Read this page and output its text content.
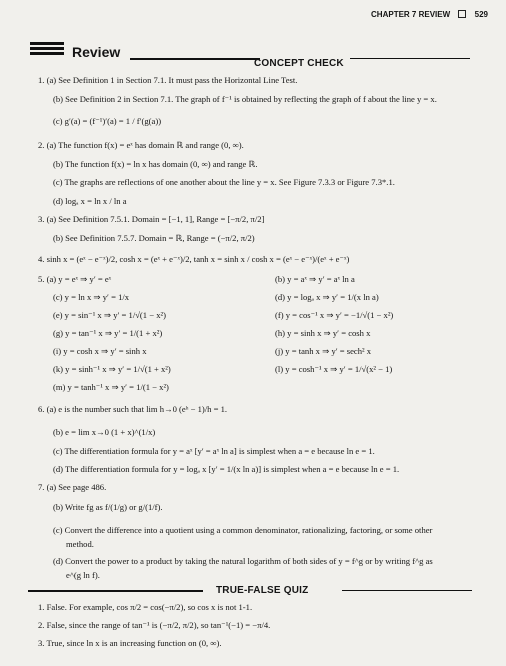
CHAPTER 7 REVIEW	529
Review
CONCEPT CHECK
1. (a) See Definition 1 in Section 7.1. It must pass the Horizontal Line Test.
(b) See Definition 2 in Section 7.1. The graph of f⁻¹ is obtained by reflecting the graph of f about the line y = x.
(c) g′(a) = (f⁻¹)′(a) = 1 / f′(g(a))
2. (a) The function f(x) = eˣ has domain ℝ and range (0, ∞).
(b) The function f(x) = ln x has domain (0, ∞) and range ℝ.
(c) The graphs are reflections of one another about the line y = x. See Figure 7.3.3 or Figure 7.3*.1.
(d) logₐ x = ln x / ln a
3. (a) See Definition 7.5.1. Domain = [−1, 1], Range = [−π/2, π/2]
(b) See Definition 7.5.7. Domain = ℝ, Range = (−π/2, π/2)
4. sinh x = (eˣ − e⁻ˣ)/2, cosh x = (eˣ + e⁻ˣ)/2, tanh x = sinh x / cosh x = (eˣ − e⁻ˣ)/(eˣ + e⁻ˣ)
5. (a) y = eˣ ⇒ y′ = eˣ	(b) y = aˣ ⇒ y′ = aˣ ln a
(c) y = ln x ⇒ y′ = 1/x	(d) y = logₐ x ⇒ y′ = 1/(x ln a)
(e) y = sin⁻¹ x ⇒ y′ = 1/√(1 − x²)	(f) y = cos⁻¹ x ⇒ y′ = −1/√(1 − x²)
(g) y = tan⁻¹ x ⇒ y′ = 1/(1 + x²)	(h) y = sinh x ⇒ y′ = cosh x
(i) y = cosh x ⇒ y′ = sinh x	(j) y = tanh x ⇒ y′ = sech² x
(k) y = sinh⁻¹ x ⇒ y′ = 1/√(1 + x²)	(l) y = cosh⁻¹ x ⇒ y′ = 1/√(x² − 1)
(m) y = tanh⁻¹ x ⇒ y′ = 1/(1 − x²)
6. (a) e is the number such that lim h→0 (eʰ − 1)/h = 1.
(b) e = lim x→0 (1 + x)^(1/x)
(c) The differentiation formula for y = aˣ [y′ = aˣ ln a] is simplest when a = e because ln e = 1.
(d) The differentiation formula for y = logₐ x [y′ = 1/(x ln a)] is simplest when a = e because ln e = 1.
7. (a) See page 486.
(b) Write fg as f/(1/g) or g/(1/f).
(c) Convert the difference into a quotient using a common denominator, rationalizing, factoring, or some other
method.
(d) Convert the power to a product by taking the natural logarithm of both sides of y = f^g or by writing f^g as
e^(g ln f).
TRUE-FALSE QUIZ
1. False. For example, cos π/2 = cos(−π/2), so cos x is not 1-1.
2. False, since the range of tan⁻¹ is (−π/2, π/2), so tan⁻¹(−1) = −π/4.
3. True, since ln x is an increasing function on (0, ∞).
